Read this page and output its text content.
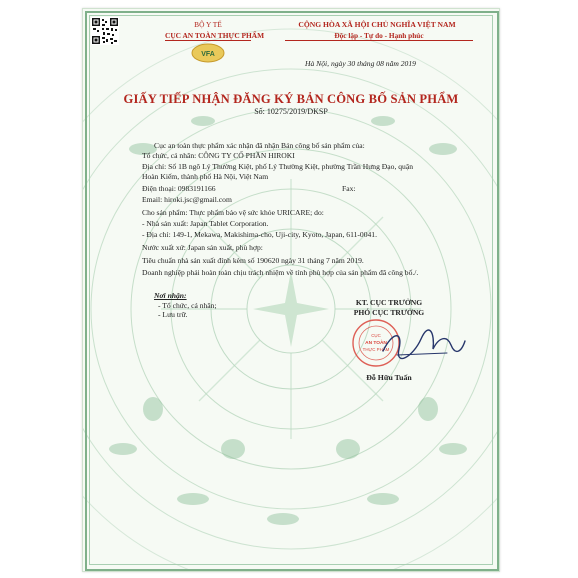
BỘ Y TẾ
CỤC AN TOÀN THỰC PHẨM
VFA
CỘNG HÒA XÃ HỘI CHỦ NGHĨA VIỆT NAM
Độc lập - Tự do - Hạnh phúc
Hà Nội, ngày 30 tháng 08 năm 2019
GIẤY TIẾP NHẬN ĐĂNG KÝ BẢN CÔNG BỐ SẢN PHẨM
Số: 10275/2019/DKSP
Cục an toàn thực phẩm xác nhận đã nhận Bản công bố sản phẩm của:
Tổ chức, cá nhân: CÔNG TY CỔ PHẦN HIROKI
Địa chỉ: Số 1B ngõ Lý Thường Kiệt, phố Lý Thường Kiệt, phường Trần Hưng Đạo, quận
Hoàn Kiếm, thành phố Hà Nội, Việt Nam
Điện thoại: 0983191166	Fax:
Email: hiroki.jsc@gmail.com
Cho sản phẩm: Thực phẩm bảo vệ sức khỏe URICARE; do:
- Nhà sản xuất: Japan Tablet Corporation.
- Địa chỉ: 149-1, Mekawa, Makishima-cho, Uji-city, Kyoto, Japan, 611-0041.
Nước xuất xứ: Japan sản xuất, phù hợp:
Tiêu chuẩn nhà sản xuất đính kèm số 190620 ngày 31 tháng 7 năm 2019.
Doanh nghiệp phải hoàn toàn chịu trách nhiệm về tính phù hợp của sản phẩm đã công bố./.
Nơi nhận:
- Tổ chức, cá nhân;
- Lưu trữ.
KT. CỤC TRƯỞNG
PHÓ CỤC TRƯỞNG
CỤC
AN TOÀN
THỰC PHẨM
Đỗ Hữu Tuấn
